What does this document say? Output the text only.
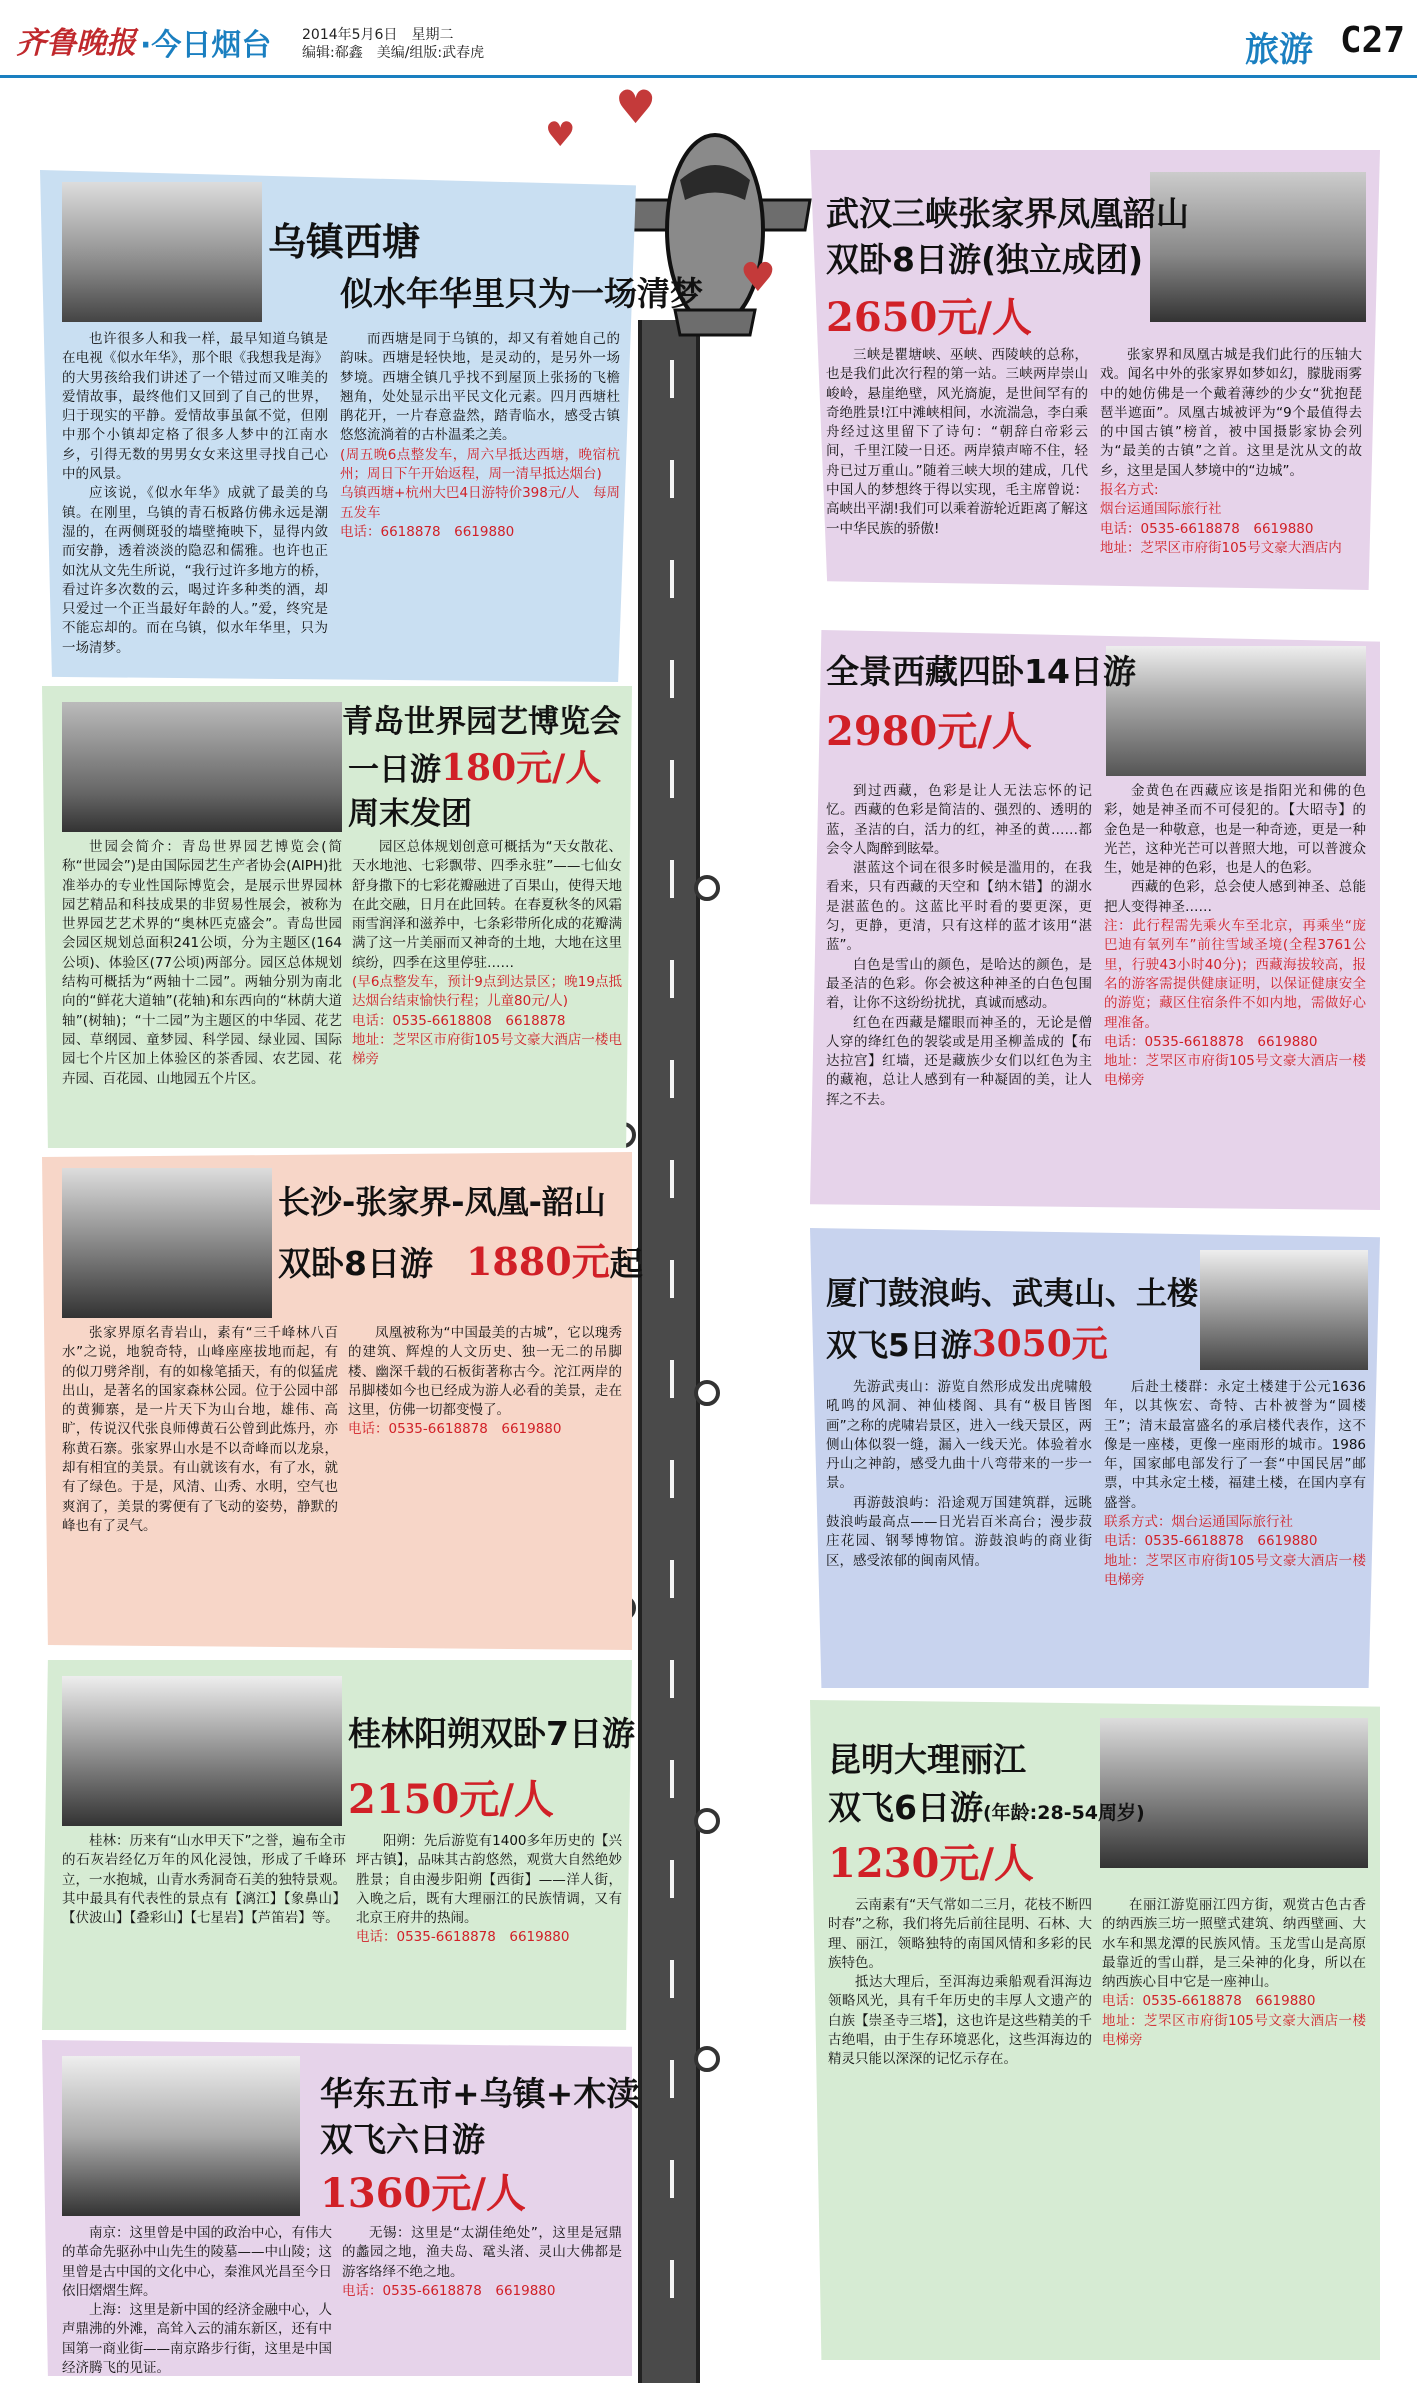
齐鲁晚报 ·今日烟台 2014年5月6日　星期二
编辑:郗鑫　美编/组版:武春虎	旅游 C27
♥
♥
♥
乌镇西塘
似水年华里只为一场清梦

也许很多人和我一样，最早知道乌镇是在电视《似水年华》，那个眼《我想我是海》的大男孩给我们讲述了一个错过而又唯美的爱情故事，最终他们又回到了自己的世界，归于现实的平静。爱情故事虽氤不觉，但刚中那个小镇却定格了很多人梦中的江南水乡，引得无数的男男女女来这里寻找自己心中的风景。

应该说，《似水年华》成就了最美的乌镇。在刚里，乌镇的青石板路仿佛永远是潮湿的，在两侧斑驳的墙壁掩映下，显得内敛而安静，透着淡淡的隐忍和儒雅。也许也正如沈从文先生所说，“我行过许多地方的桥，看过许多次数的云，喝过许多种类的酒，却只爱过一个正当最好年龄的人。”爱，终究是不能忘却的。而在乌镇，似水年华里，只为一场清梦。

而西塘是同于乌镇的，却又有着她自己的韵味。西塘是轻快地，是灵动的，是另外一场梦境。西塘全镇几乎找不到屋顶上张扬的飞檐翘角，处处显示出平民文化元素。四月西塘杜鹃花开，一片春意盎然，踏青临水，感受古镇悠悠流淌着的古朴温柔之美。

(周五晚6点整发车，周六早抵达西塘，晚宿杭州；周日下午开始返程，周一清早抵达烟台)
乌镇西塘+杭州大巴4日游特价398元/人　每周五发车
电话：6618878　6619880
武汉三峡张家界凤凰韶山
双卧8日游(独立成团)
2650元/人

三峡是瞿塘峡、巫峡、西陵峡的总称，也是我们此次行程的第一站。三峡两岸崇山峻岭，悬崖绝壁，风光旖旎，是世间罕有的奇绝胜景!江中滩峡相间，水流湍急，李白乘舟经过这里留下了诗句：“朝辞白帝彩云间，千里江陵一日还。两岸猿声啼不住，轻舟已过万重山。”随着三峡大坝的建成，几代中国人的梦想终于得以实现，毛主席曾说：高峡出平湖!我们可以乘着游轮近距离了解这一中华民族的骄傲!

张家界和凤凰古城是我们此行的压轴大戏。闻名中外的张家界如梦如幻，朦胧雨雾中的她仿佛是一个戴着薄纱的少女“犹抱琵琶半遮面”。凤凰古城被评为“9个最值得去的中国古镇”榜首，被中国摄影家协会列为“最美的古镇”之首。这里是沈从文的故乡，这里是国人梦境中的“边城”。

报名方式:
烟台运通国际旅行社
电话：0535-6618878　6619880
地址：芝罘区市府街105号文豪大酒店内
青岛世界园艺博览会
一日游180元/人
周末发团

世园会简介：青岛世界园艺博览会(简称“世园会”)是由国际园艺生产者协会(AIPH)批准举办的专业性国际博览会，是展示世界园林园艺精品和科技成果的非贸易性展会，被称为世界园艺艺术界的“奥林匹克盛会”。青岛世园会园区规划总面积241公顷，分为主题区(164公顷)、体验区(77公顷)两部分。园区总体规划结构可概括为“两轴十二园”。两轴分别为南北向的“鲜花大道轴”(花轴)和东西向的“林荫大道轴”(树轴)；“十二园”为主题区的中华园、花艺园、草纲园、童梦园、科学园、绿业园、国际园七个片区加上体验区的茶香园、农艺园、花卉园、百花园、山地园五个片区。

园区总体规划创意可概括为“天女散花、天水地池、七彩飘带、四季永驻”——七仙女舒身撒下的七彩花瓣融进了百果山，使得天地在此交融，日月在此回转。在春夏秋冬的风霜雨雪润泽和滋养中，七条彩带所化成的花瓣满满了这一片美丽而又神奇的土地，大地在这里缤纷，四季在这里停驻……

(早6点整发车，预计9点到达景区；晚19点抵达烟台结束愉快行程；儿童80元/人)
电话：0535-6618808　6618878
地址：芝罘区市府街105号文豪大酒店一楼电梯旁
全景西藏四卧14日游
2980元/人

到过西藏，色彩是让人无法忘怀的记忆。西藏的色彩是简洁的、强烈的、透明的蓝，圣洁的白，活力的红，神圣的黄……都会令人陶醉到眩晕。

湛蓝这个词在很多时候是滥用的，在我看来，只有西藏的天空和【纳木错】的湖水是湛蓝色的。这蓝比平时看的要更深，更匀，更静，更清，只有这样的蓝才该用“湛蓝”。

白色是雪山的颜色，是哈达的颜色，是最圣洁的色彩。你会被这种神圣的白色包围着，让你不这纷纷扰扰，真诚而感动。

红色在西藏是耀眼而神圣的，无论是僧人穿的绛红色的袈裟或是用圣柳盖成的【布达拉宫】红墙，还是藏族少女们以红色为主的藏袍，总让人感到有一种凝固的美，让人挥之不去。

金黄色在西藏应该是指阳光和佛的色彩，她是神圣而不可侵犯的。【大昭寺】的金色是一种敬意，也是一种奇迹，更是一种光芒，这种光芒可以普照大地，可以普渡众生，她是神的色彩，也是人的色彩。

西藏的色彩，总会使人感到神圣、总能把人变得神圣……

注：此行程需先乘火车至北京，再乘坐“庞巴迪有氧列车”前往雪域圣境(全程3761公里，行驶43小时40分)；西藏海拔较高，报名的游客需提供健康证明，以保证健康安全的游览；藏区住宿条件不如内地，需做好心理准备。
电话：0535-6618878　6619880
地址：芝罘区市府街105号文豪大酒店一楼电梯旁
长沙-张家界-凤凰-韶山
双卧8日游　 1880元起

张家界原名青岩山，素有“三千峰林八百水”之说，地貌奇特，山峰座座拔地而起，有的似刀劈斧削，有的如椽笔插天，有的似猛虎出山，是著名的国家森林公园。位于公园中部的黄狮寨，是一片天下为山台地，雄伟、高旷，传说汉代张良师傅黄石公曾到此炼丹，亦称黄石寨。张家界山水是不以奇峰而以龙泉，却有相宜的美景。有山就该有水，有了水，就有了绿色。于是，风清、山秀、水明，空气也爽润了，美景的雾便有了飞动的姿势，静默的峰也有了灵气。

凤凰被称为“中国最美的古城”，它以瑰秀的建筑、辉煌的人文历史、独一无二的吊脚楼、幽深千载的石板街著称古今。沱江两岸的吊脚楼如今也已经成为游人必看的美景，走在这里，仿佛一切都变慢了。

电话：0535-6618878　6619880
厦门鼓浪屿、武夷山、土楼
双飞5日游3050元

先游武夷山：游览自然形成发出虎啸般吼鸣的风洞、神仙楼阁、具有“极目皆图画”之称的虎啸岩景区，进入一线天景区，两侧山体似裂一缝，漏入一线天光。体验着水丹山之神韵，感受九曲十八弯带来的一步一景。

再游鼓浪屿：沿途观万国建筑群，远眺鼓浪屿最高点——日光岩百米高台；漫步菽庄花园、钢琴博物馆。游鼓浪屿的商业街区，感受浓郁的闽南风情。

后赴土楼群：永定土楼建于公元1636年，以其恢宏、奇特、古朴被誉为“圆楼王”；清末最富盛名的承启楼代表作，这不像是一座楼，更像一座雨形的城市。1986年，国家邮电部发行了一套“中国民居”邮票，中其永定土楼，福建土楼，在国内享有盛誉。

联系方式：烟台运通国际旅行社
电话：0535-6618878　6619880
地址：芝罘区市府街105号文豪大酒店一楼电梯旁
桂林阳朔双卧7日游
2150元/人

桂林：历来有“山水甲天下”之誉，遍布全市的石灰岩经亿万年的风化浸蚀，形成了千峰环立，一水抱城，山青水秀洞奇石美的独特景观。其中最具有代表性的景点有【漓江】【象鼻山】【伏波山】【叠彩山】【七星岩】【芦笛岩】等。

阳朔：先后游览有1400多年历史的【兴坪古镇】，品味其古韵悠然，观赏大自然绝妙胜景；自由漫步阳朔【西街】——洋人街，入晚之后，既有大理丽江的民族情调，又有北京王府井的热闹。

电话：0535-6618878　6619880
昆明大理丽江
双飞6日游(年龄:28-54周岁)
1230元/人

云南素有“天气常如二三月，花枝不断四时春”之称，我们将先后前往昆明、石林、大理、丽江，领略独特的南国风情和多彩的民族特色。

抵达大理后，至洱海边乘船观看洱海边领略风光，具有千年历史的丰厚人文遗产的白族【崇圣寺三塔】，这也许是这些精美的千古绝唱，由于生存环境恶化，这些洱海边的精灵只能以深深的记忆示存在。

在丽江游览丽江四方街，观赏古色古香的纳西族三坊一照壁式建筑、纳西壁画、大水车和黑龙潭的民族风情。玉龙雪山是高原最靠近的雪山群，是三朵神的化身，所以在纳西族心目中它是一座神山。

电话：0535-6618878　6619880
地址：芝罘区市府街105号文豪大酒店一楼电梯旁
华东五市+乌镇+木渎
双飞六日游
1360元/人

南京：这里曾是中国的政治中心，有伟大的革命先驱孙中山先生的陵墓——中山陵；这里曾是古中国的文化中心，秦淮风光昌至今日依旧熠熠生辉。

上海：这里是新中国的经济金融中心，人声鼎沸的外滩，高耸入云的浦东新区，还有中国第一商业街——南京路步行街，这里是中国经济腾飞的见证。

无锡：这里是“太湖佳绝处”，这里是冠鼎的蠡园之地，渔夫岛、鼋头渚、灵山大佛都是游客络绎不绝之地。

电话：0535-6618878　6619880
